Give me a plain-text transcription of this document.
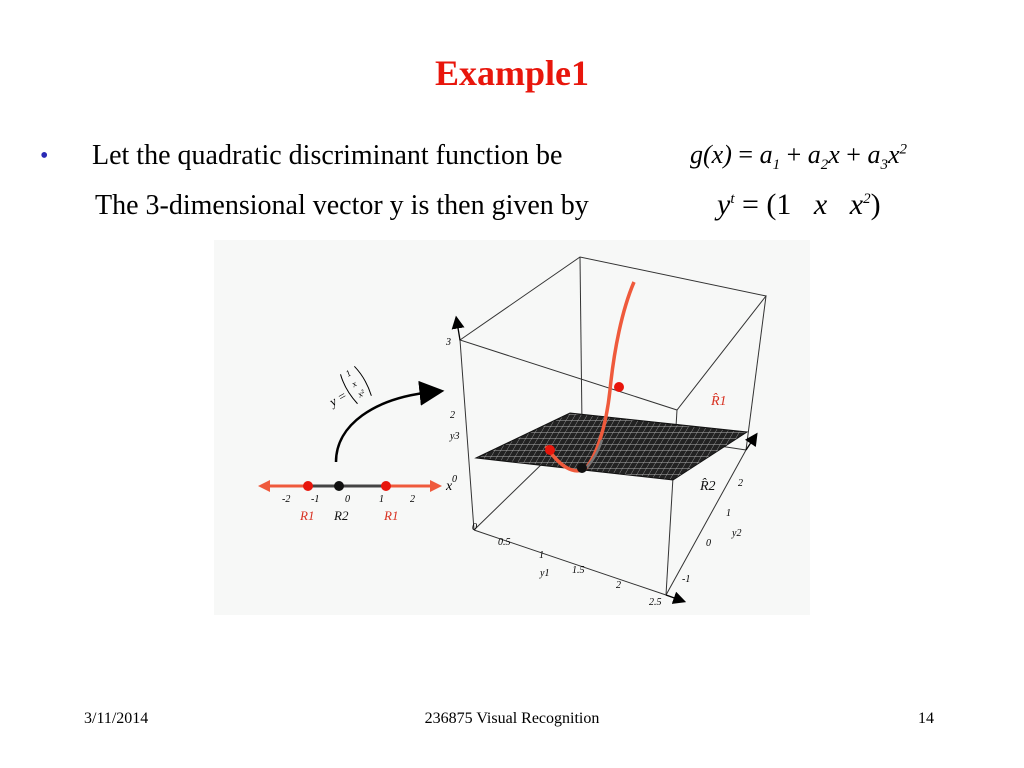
Example1
• Let the quadratic discriminant function be	$g(x) = a_1 + a_2x + a_3x^2$
The 3-dimensional vector y is then given by	$y^t = (1$   x   $x^2$)
3
2
0
y3
0
0.5
1
1.5
2
2.5
y1
2
1
0
-1
y2
R̂1
R̂2
y =
1
x
x²
-2 -1	0	1	2
x
R1 R2	R1
3/11/2014	236875 Visual Recognition	14
